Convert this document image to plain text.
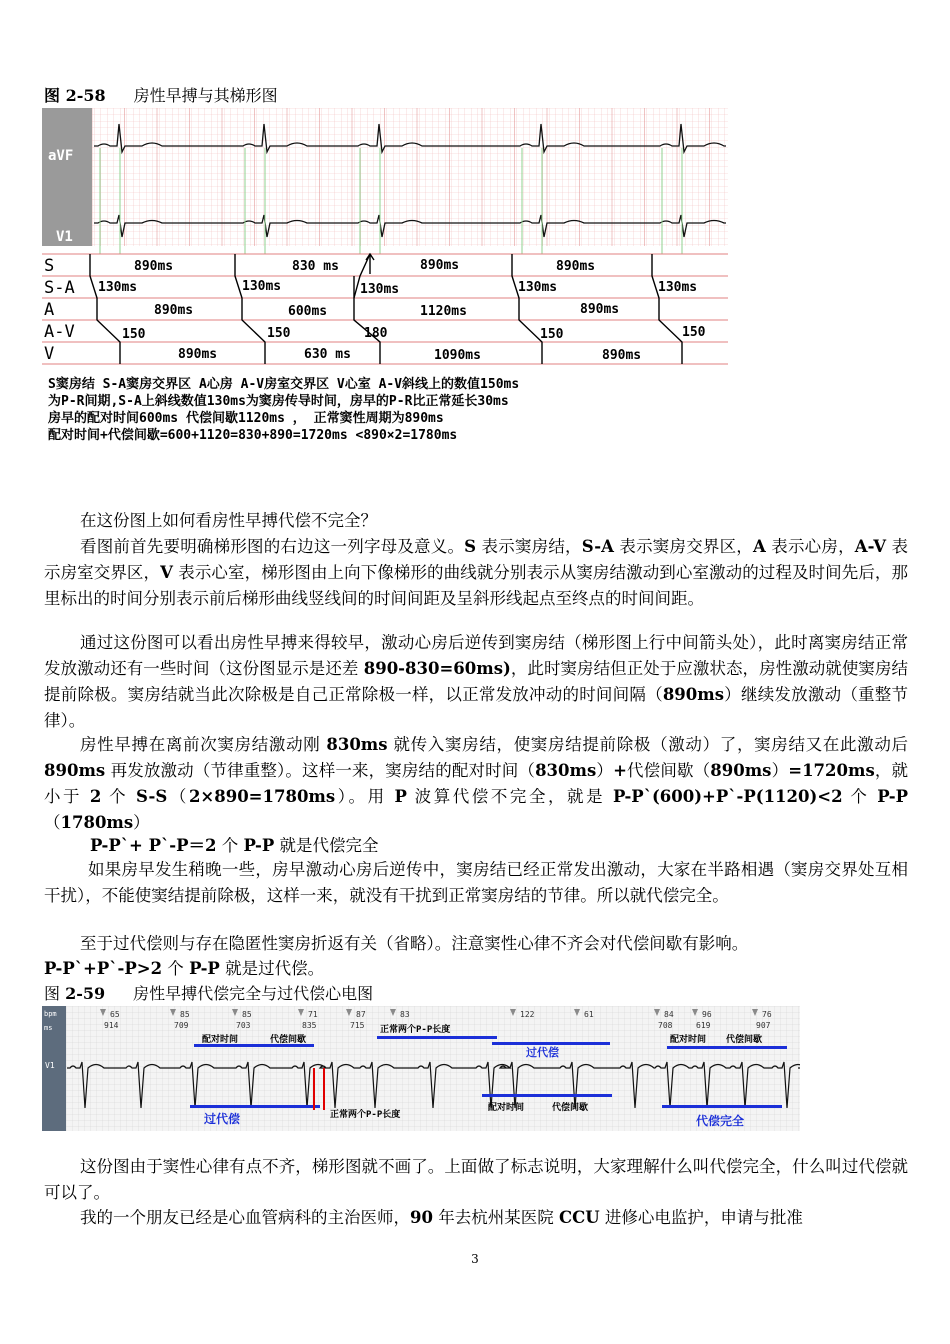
图 2-58 房性早搏与其梯形图
aVF
V1
S
S-A
A
A-V
V
890ms	830 ms	890ms	890ms
130ms	130ms	130ms	130ms	130ms
890ms	600ms	1120ms	890ms
150	150	180	150	150
890ms	630 ms	1090ms	890ms
S窦房结 S-A窦房交界区 A心房 A-V房室交界区 V心室 A-V斜线上的数值150ms
为P-R间期,S-A上斜线数值130ms为窦房传导时间，房早的P-R比正常延长30ms
房早的配对时间600ms 代偿间歇1120ms ， 正常窦性周期为890ms
配对时间+代偿间歇=600+1120=830+890=1720ms <890×2=1780ms
在这份图上如何看房性早搏代偿不完全？
看图前首先要明确梯形图的右边这一列字母及意义。S 表示窦房结，S-A 表示窦房交界区，A 表示心房，A-V 表示房室交界区，V 表示心室，梯形图由上向下像梯形的曲线就分别表示从窦房结激动到心室激动的过程及时间先后，那里标出的时间分别表示前后梯形曲线竖线间的时间间距及呈斜形线起点至终点的时间间距。
通过这份图可以看出房性早搏来得较早，激动心房后逆传到窦房结（梯形图上行中间箭头处），此时离窦房结正常发放激动还有一些时间（这份图显示是还差 890-830=60ms)，此时窦房结但正处于应激状态，房性激动就使窦房结提前除极。窦房结就当此次除极是自己正常除极一样，以正常发放冲动的时间间隔（890ms）继续发放激动（重整节律）。
房性早搏在离前次窦房结激动刚 830ms 就传入窦房结，使窦房结提前除极（激动）了，窦房结又在此激动后 890ms 再发放激动（节律重整）。这样一来，窦房结的配对时间（830ms）+代偿间歇（890ms）=1720ms，就小于 2 个 S-S（2×890=1780ms）。用 P 波算代偿不完全，就是 P-P`(600)+P`-P(1120)<2 个 P-P（1780ms）
P-P`+ P`-P＝2 个 P-P 就是代偿完全
如果房早发生稍晚一些，房早激动心房后逆传中，窦房结已经正常发出激动，大家在半路相遇（窦房交界处互相干扰），不能使窦结提前除极，这样一来，就没有干扰到正常窦房结的节律。所以就代偿完全。
至于过代偿则与存在隐匿性窦房折返有关（省略）。注意窦性心律不齐会对代偿间歇有影响。
P-P`+P`-P>2 个 P-P 就是过代偿。
图 2-59 房性早搏代偿完全与过代偿心电图
bpm
ms
V1
65
914
85
709
85
703
71
835
87
715
83	122	61	84
708
96
619
76
907
配对时间	代偿间歇
正常两个P-P长度
过代偿
配对时间 代偿间歇
过代偿	正常两个P-P长度
配对时间	代偿间歇
代偿完全
这份图由于窦性心律有点不齐，梯形图就不画了。上面做了标志说明，大家理解什么叫代偿完全，什么叫过代偿就可以了。
我的一个朋友已经是心血管病科的主治医师，90 年去杭州某医院 CCU 进修心电监护，申请与批准
3
